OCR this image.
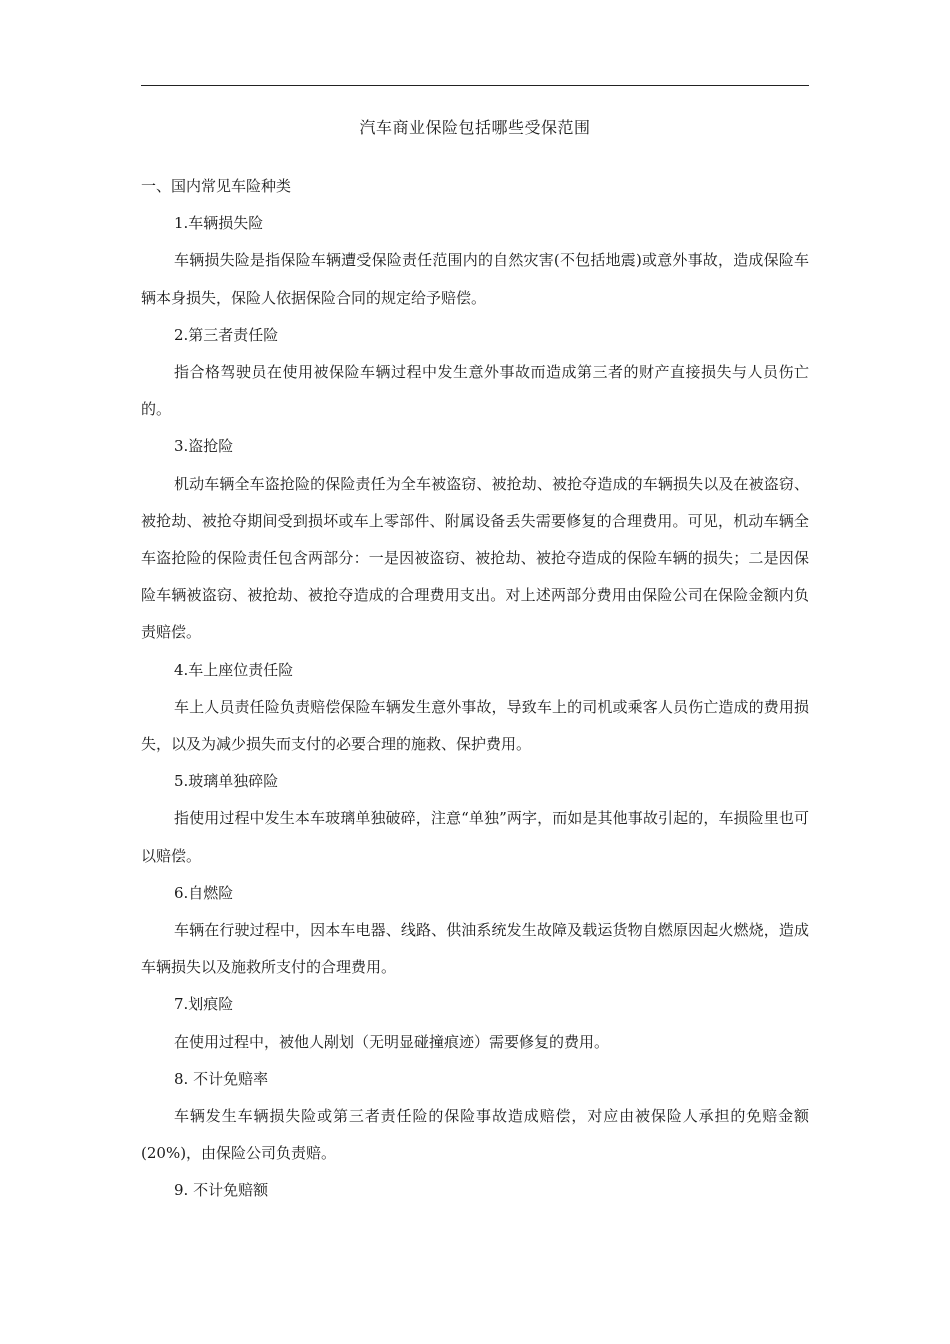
汽车商业保险包括哪些受保范围

一、国内常见车险种类

1.车辆损失险

车辆损失险是指保险车辆遭受保险责任范围内的自然灾害(不包括地震)或意外事故，造成保险车辆本身损失，保险人依据保险合同的规定给予赔偿。

2.第三者责任险

指合格驾驶员在使用被保险车辆过程中发生意外事故而造成第三者的财产直接损失与人员伤亡的。

3.盗抢险

机动车辆全车盗抢险的保险责任为全车被盗窃、被抢劫、被抢夺造成的车辆损失以及在被盗窃、被抢劫、被抢夺期间受到损坏或车上零部件、附属设备丢失需要修复的合理费用。可见，机动车辆全车盗抢险的保险责任包含两部分：一是因被盗窃、被抢劫、被抢夺造成的保险车辆的损失；二是因保险车辆被盗窃、被抢劫、被抢夺造成的合理费用支出。对上述两部分费用由保险公司在保险金额内负责赔偿。

4.车上座位责任险

车上人员责任险负责赔偿保险车辆发生意外事故，导致车上的司机或乘客人员伤亡造成的费用损失，以及为减少损失而支付的必要合理的施救、保护费用。

5.玻璃单独碎险

指使用过程中发生本车玻璃单独破碎，注意“单独”两字，而如是其他事故引起的，车损险里也可以赔偿。

6.自燃险

车辆在行驶过程中，因本车电器、线路、供油系统发生故障及载运货物自燃原因起火燃烧，造成车辆损失以及施救所支付的合理费用。

7.划痕险

在使用过程中，被他人剐划（无明显碰撞痕迹）需要修复的费用。

8. 不计免赔率

车辆发生车辆损失险或第三者责任险的保险事故造成赔偿，对应由被保险人承担的免赔金额(20%)，由保险公司负责赔。

9. 不计免赔额
